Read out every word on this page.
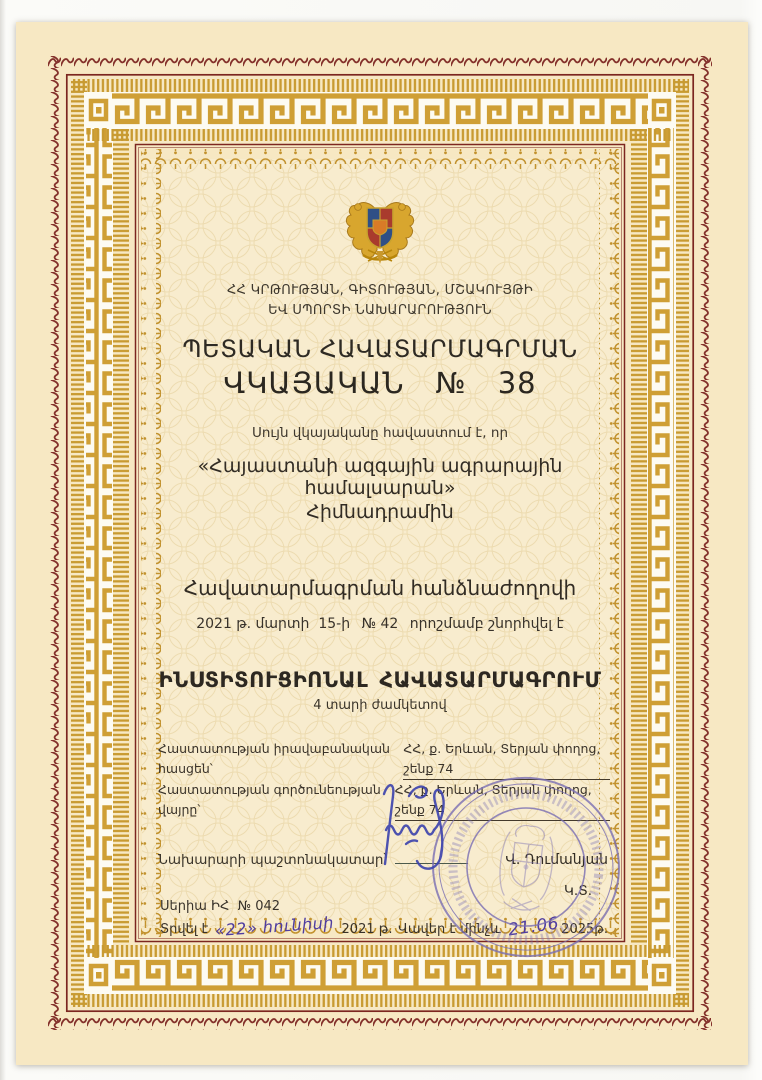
ՀՀ ԿՐԹՈՒԹՅԱՆ, ԳԻՏՈՒԹՅԱՆ, ՄՇԱԿՈՒՅԹԻ
ԵՎ ՍՊՈՐՏԻ ՆԱԽԱՐԱՐՈՒԹՅՈՒՆ
ՊԵՏԱԿԱՆ ՀԱՎԱՏԱՐՄԱԳՐՄԱՆ
ՎԿԱՅԱԿԱՆ  №  38
Սույն վկայականը հավաստում է, որ
«Հայաստանի ազգային ագրարային համալսարան»
Հիմնադրամին
Հավատարմագրման հանձնաժողովի
2021 թ. մարտի  15-ի  № 42  որոշմամբ շնորհվել է
ԻՆՍՏԻՏՈՒՑԻՈՆԱԼ ՀԱՎԱՏԱՐՄԱԳՐՈՒՄ
4 տարի ժամկետով
Հաստատության իրավաբանական հասցեն՝
ՀՀ, ք. Երևան, Տերյան փողոց, շենք 74
Հաստատության գործունեության վայրը՝
ՀՀ, ք. Երևան, Տերյան փողոց, շենք 74
Նախարարի պաշտոնակատար՝	Վ. Դումանյան
Կ.Տ.
Սերիա ԻՀ  № 042
Տրվել է «22» հունիսի 2021 թ. Վավեր է մինչև 21.06 2025թ.
